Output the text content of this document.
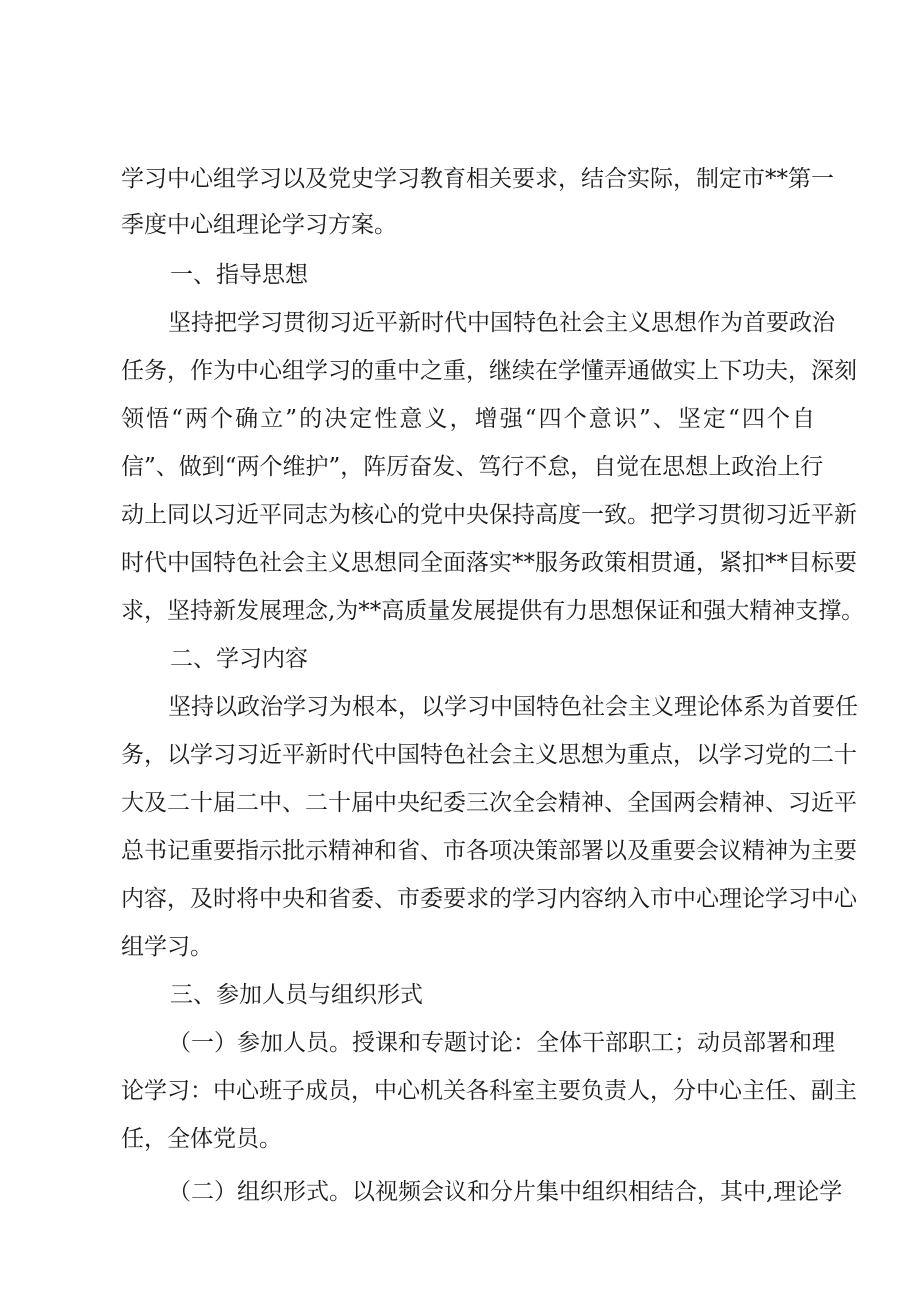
学习中心组学习以及党史学习教育相关要求，结合实际，制定市**第一
季度中心组理论学习方案。
一、指导思想
坚持把学习贯彻习近平新时代中国特色社会主义思想作为首要政治
任务，作为中心组学习的重中之重，继续在学懂弄通做实上下功夫，深刻
领悟“两个确立”的决定性意义，增强“四个意识”、坚定“四个自
信”、做到“两个维护”，阵厉奋发、笃行不怠，自觉在思想上政治上行
动上同以习近平同志为核心的党中央保持高度一致。把学习贯彻习近平新
时代中国特色社会主义思想同全面落实**服务政策相贯通，紧扣**目标要
求，坚持新发展理念,为**高质量发展提供有力思想保证和强大精神支撑。
二、学习内容
坚持以政治学习为根本，以学习中国特色社会主义理论体系为首要任
务，以学习习近平新时代中国特色社会主义思想为重点，以学习党的二十
大及二十届二中、二十届中央纪委三次全会精神、全国两会精神、习近平
总书记重要指示批示精神和省、市各项决策部署以及重要会议精神为主要
内容，及时将中央和省委、市委要求的学习内容纳入市中心理论学习中心
组学习。
三、参加人员与组织形式
（一）参加人员。授课和专题讨论：全体干部职工；动员部署和理
论学习：中心班子成员，中心机关各科室主要负责人，分中心主任、副主
任，全体党员。
（二）组织形式。以视频会议和分片集中组织相结合，其中,理论学
